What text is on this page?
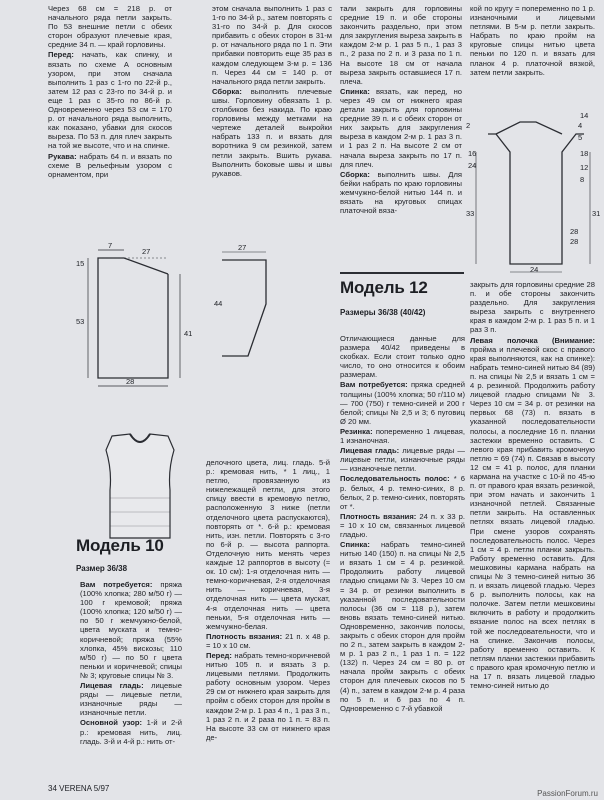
Через 68 см = 218 р. от начального ряда петли закрыть. По 53 внешние петли с обеих сторон образуют плечевые края, средние 34 п. — край горловины.

Перед: начать, как спинку, и вязать по схеме А основным узором, при этом сначала выполнить 1 раз с 1-го по 22-й р., затем 12 раз с 23-го по 34-й р. и еще 1 раз с 35-го по 86-й р. Одновременно через 53 см = 170 р. от начального ряда выполнить, как показано, убавки для скосов выреза. По 53 п. для плеч закрыть на той же высоте, что и на спинке.

Рукава: набрать 64 п. и вязать по схеме В рельефным узором с орнаментом, при

этом сначала выполнить 1 раз с 1-го по 34-й р., затем повторять с 31-го по 34-й р. Для скосов прибавить с обеих сторон в 31-м р. от начального ряда по 1 п. Эти прибавки повторить еще 35 раз в каждом следующем 3-м р. = 136 п. Через 44 см = 140 р. от начального ряда петли закрыть.

Сборка: выполнить плечевые швы. Горловину обвязать 1 р. столбиков без накида. По краю горловины между метками на чертеже деталей выкройки набрать 133 п. и вязать для воротника 9 см резинкой, затем петли закрыть. Вшить рукава. Выполнить боковые швы и швы рукавов.

тали закрыть для горловины средние 19 п. и обе стороны закончить раздельно, при этом для закругления выреза закрыть в каждом 2-м р. 1 раз 5 п., 1 раз 3 п., 2 раза по 2 п. и 3 раза по 1 п. На высоте 18 см от начала выреза закрыть оставшиеся 17 п. плеча.

Спинка: вязать, как перед, но через 49 см от нижнего края детали закрыть для горловины средние 39 п. и с обеих сторон от них закрыть для закругления выреза в каждом 2-м р. 1 раз 3 п. и 1 раз 2 п. На высоте 2 см от начала выреза закрыть по 17 п. для плеч.

Сборка: выполнить швы. Для бейки набрать по краю горловины жемчужно-белой нитью 144 п. и вязать на круговых спицах платочной вяза-

кой по кругу = попеременно по 1 р. изнаночными и лицевыми петлями. В 5-м р. петли закрыть. Набрать по краю пройм на круговые спицы нитью цвета пеньки по 120 п. и вязать для планок 4 р. платочной вязкой, затем петли закрыть.

7
15
53
41
28
27	27
44
2
16
24
33
24
14
4
5
18
12
8
31
28
28
Модель 10
Размер 36/38

Вам потребуется: пряжа (100% хлопка; 280 м/50 г) — 100 г кремовой; пряжа (100% хлопка; 120 м/50 г) — по 50 г жемчужно-белой, цвета муската и темно-коричневой; пряжа (55% хлопка, 45% вискозы; 110 м/50 г) — по 50 г цвета пеньки и коричневой; спицы № 3; круговые спицы № 3.

Лицевая гладь: лицевые ряды — лицевые петли, изнаночные ряды — изнаночные петли.

Основной узор: 1-й и 2-й р.: кремовая нить, лиц. гладь. 3-й и 4-й р.: нить от-

делочного цвета, лиц. гладь. 5-й р.: кремовая нить, * 1 лиц., 1 петлю, провязанную из нижележащей петли, для этого спицу ввести в кремовую петлю, расположенную 3 ниже (петли отделочного цвета распускаются), повторять от *. 6-й р.: кремовая нить, изн. петли. Повторять с 3-го по 6-й р. — высота раппорта. Отделочную нить менять через каждые 12 раппортов в высоту (≈ ок. 10 см): 1-я отделочная нить — темно-коричневая, 2-я отделочная нить — коричневая, 3-я отделочная нить — цвета мускат, 4-я отделочная нить — цвета пеньки, 5-я отделочная нить — жемчужно-белая.

Плотность вязания: 21 п. x 48 р. = 10 x 10 см.

Перед: набрать темно-коричневой нитью 105 п. и вязать 3 р. лицевыми петлями. Продолжить работу основным узором. Через 29 см от нижнего края закрыть для пройм с обеих сторон для пройм в каждом 2-м р. 1 раз 4 п., 1 раз 3 п., 1 раз 2 п. и 2 раза по 1 п. = 83 п. На высоте 33 см от нижнего края де-

Модель 12
Размеры 36/38 (40/42)

Отличающиеся данные для размера 40/42 приведены в скобках. Если стоит только одно число, то оно относится к обоим размерам.

Вам потребуется: пряжа средней толщины (100% хлопка; 50 г/110 м) — 700 (750) г темно-синей и 200 г белой; спицы № 2,5 и 3; 6 пуговиц Ø 20 мм.

Резинка: попеременно 1 лицевая, 1 изнаночная.

Лицевая гладь: лицевые ряды — лицевые петли, изнаночные ряды — изнаночные петли.

Последовательность полос: * 6 р. белых, 4 р. темно-синих, 8 р. белых, 2 р. темно-синих, повторять от *.

Плотность вязания: 24 п. x 33 р. = 10 x 10 см, связанных лицевой гладью.

Спинка: набрать темно-синей нитью 140 (150) п. на спицы № 2,5 и вязать 1 см = 4 р. резинкой. Продолжить работу лицевой гладью спицами № 3. Через 10 см = 34 р. от резинки выполнить в указанной последовательности полосы (36 см = 118 р.), затем вновь вязать темно-синей нитью. Одновременно, закончив полосы, закрыть с обеих сторон для пройм по 2 п., затем закрыть в каждом 2-м р. 1 раз 2 п., 1 раз 1 п. = 122 (132) п. Через 24 см = 80 р. от начала пройм закрыть с обеих сторон для плечевых скосов по 5 (4) п., затем в каждом 2-м р. 4 раза по 5 п. и 6 раз по 4 п. Одновременно с 7-й убавкой

закрыть для горловины средние 28 п. и обе стороны закончить раздельно. Для закругления выреза закрыть с внутреннего края в каждом 2-м р. 1 раз 5 п. и 1 раз 3 п.

Левая полочка (Внимание: пройма и плечевой скос с правого края выполняются, как на спинке): набрать темно-синей нитью 84 (89) п. на спицы № 2,5 и вязать 1 см = 4 р. резинкой. Продолжить работу лицевой гладью спицами № 3. Через 10 см = 34 р. от резинки на первых 68 (73) п. вязать в указанной последовательности полосы, а последние 16 п. планки застежки временно оставить. С левого края прибавить кромочную петлю = 69 (74) п. Связав в высоту 12 см = 41 р. полос, для планки кармана на участке с 10-й по 45-ю п. от правого края вязать резинкой, при этом начать и закончить 1 изнаночной петлей. Связанные петли закрыть. На оставленных петлях вязать лицевой гладью. При смене узоров сохранять последовательность полос. Через 1 см = 4 р. петли планки закрыть. Работу временно оставить. Для мешковины кармана набрать на спицы № 3 темно-синей нитью 36 п. и вязать лицевой гладью. Через 6 р. выполнить полосы, как на полочке. Затем петли мешковины включить в работу и продолжить вязание полос на всех петлях в той же последовательности, что и на спинке. Закончив полосы, работу временно оставить. К петлям планки застежки прибавить с правого края кромочную петлю и на 17 п. вязать лицевой гладью темно-синей нитью до

34 VERENA 5/97
PassionForum.ru
